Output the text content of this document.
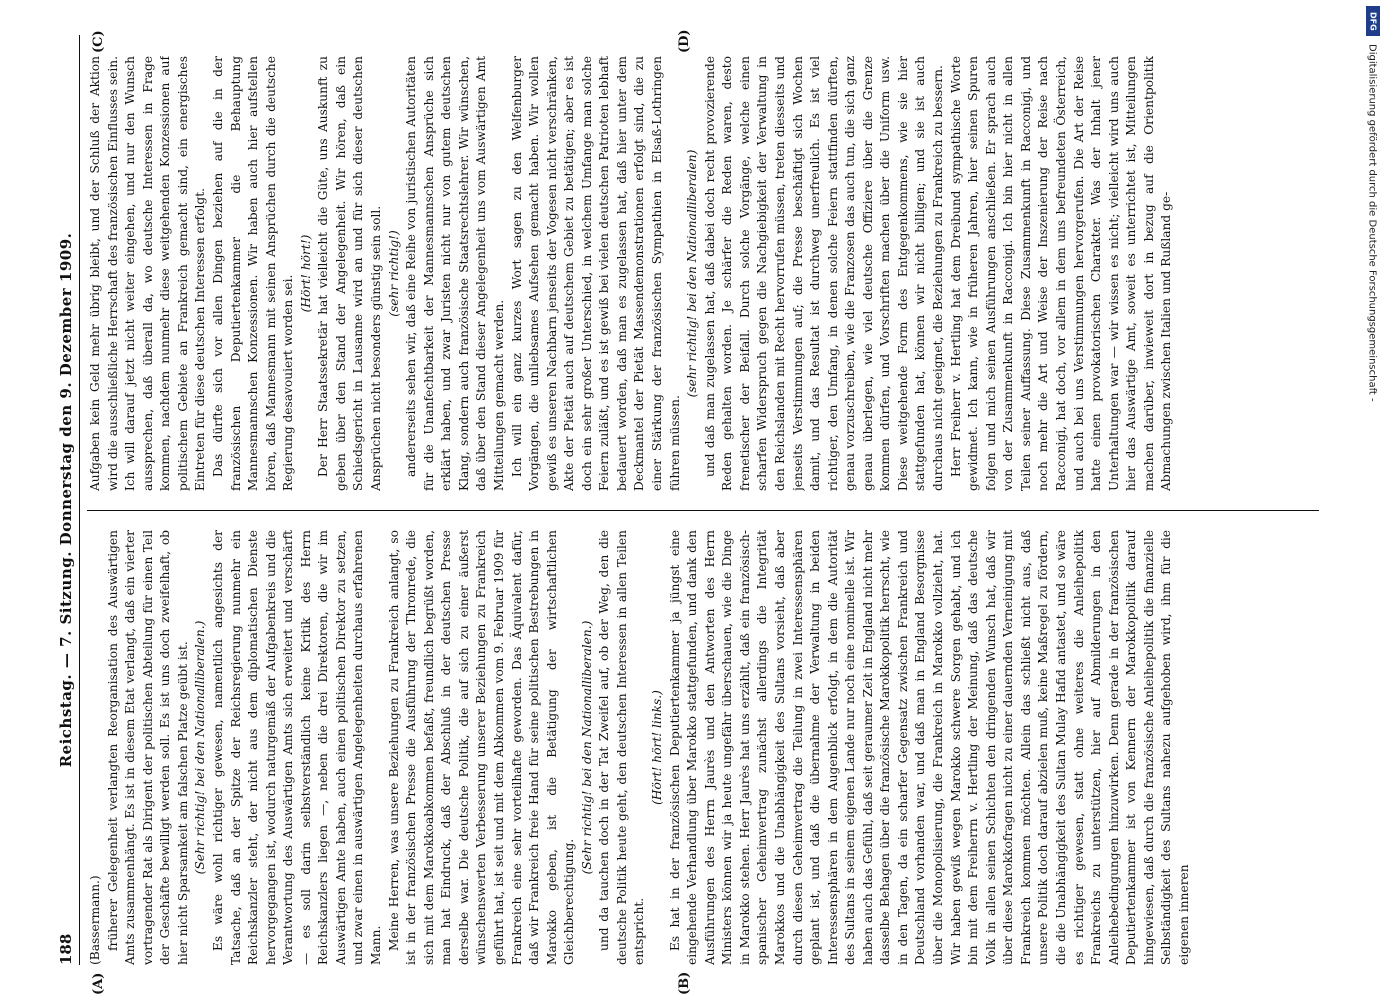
188
Reichstag. — 7. Sitzung. Donnerstag den 9. Dezember 1909.
(A)	(B)
(C)	(D)

(Bassermann.) früherer Gelegenheit verlangten Reorganisation des Auswärtigen Amts zusammenhängt. Es ist in diesem Etat verlangt, daß ein vierter vortragender Rat als Dirigent der politischen Abteilung für einen Teil der Geschäfte bewilligt werden soll. Es ist uns doch zweifelhaft, ob hier nicht Sparsamkeit am falschen Platze geübt ist. (Sehr richtig! bei den Nationalliberalen.) Es wäre wohl richtiger gewesen, namentlich angesichts der Tatsache, daß an der Spitze der Reichsregierung nunmehr ein Reichskanzler steht, der nicht aus dem diplomatischen Dienste hervorgegangen ist, wodurch naturgemäß der Aufgabenkreis und die Verantwortung des Auswärtigen Amts sich erweitert und verschärft — es soll darin selbstverständlich keine Kritik des Herrn Reichskanzlers liegen —, neben die drei Direktoren, die wir im Auswärtigen Amte haben, auch einen politischen Direktor zu setzen, und zwar einen in auswärtigen Angelegenheiten durchaus erfahrenen Mann. Meine Herren, was unsere Beziehungen zu Frankreich anlangt, so ist in der französischen Presse die Ausführung der Thronrede, die sich mit dem Marokkoabkommen befaßt, freundlich begrüßt worden, man hat Eindruck, daß der Abschluß in der deutschen Presse derselbe war. Die deutsche Politik, die auf sich zu einer äußerst wünschenswerten Verbesserung unserer Beziehungen zu Frankreich geführt hat, ist seit und mit dem Abkommen vom 9. Februar 1909 für Frankreich eine sehr vorteilhafte geworden. Das Äquivalent dafür, daß wir Frankreich freie Hand für seine politischen Bestrebungen in Marokko geben, ist die Betätigung der wirtschaftlichen Gleichberechtigung.

(Sehr richtig! bei den Nationalliberalen.) und da tauchen doch in der Tat Zweifel auf, ob der Weg, den die deutsche Politik heute geht, den deutschen Interessen in allen Teilen entspricht.

(Hört! hört! links.) Es hat in der französischen Deputiertenkammer ja jüngst eine eingehende Verhandlung über Marokko stattgefunden, und dank den Ausführungen des Herrn Jaurès und den Antworten des Herrn Ministers können wir ja heute ungefähr überschauen, wie die Dinge in Marokko stehen. Herr Jaurès hat uns erzählt, daß ein französisch-spanischer Geheimvertrag zunächst allerdings die Integrität Marokkos und die Unabhängigkeit des Sultans vorsieht, daß aber durch diesen Geheimvertrag die Teilung in zwei Interessensphären geplant ist, und daß die übernahme der Verwaltung in beiden Interessensphären in dem Augenblick erfolgt, in dem die Autorität des Sultans in seinem eigenen Lande nur noch eine nominelle ist. Wir haben auch das Gefühl, daß seit geraumer Zeit in England nicht mehr dasselbe Behagen über die französische Marokkopolitik herrscht, wie in den Tagen, da ein scharfer Gegensatz zwischen Frankreich und Deutschland vorhanden war, und daß man in England Besorgnisse über die Monopolisierung, die Frankreich in Marokko vollzieht, hat. Wir haben gewiß wegen Marokko schwere Sorgen gehabt, und ich bin mit dem Freiherrn v. Hertling der Meinung, daß das deutsche Volk in allen seinen Schichten den dringenden Wunsch hat, daß wir über diese Marokkofragen nicht zu einer dauernden Verneinigung mit Frankreich kommen möchten. Allein das schließt nicht aus, daß unsere Politik doch darauf abzielen muß, keine Maßregel zu fördern, die die Unabhängigkeit des Sultan Mulay Hafid antastet, und so wäre es richtiger gewesen, statt ohne weiteres die Anleihepolitik Frankreichs zu unterstützen, hier auf Abmilderungen in den Anleihebedingungen hinzuwirken. Denn gerade in der französischen Deputiertenkammer ist von Kennern der Marokkopolitik darauf hingewiesen, daß durch die französische Anleihepolitik die finanzielle Selbständigkeit des Sultans nahezu aufgehoben wird, ihm für die eigenen inneren

Aufgaben kein Geld mehr übrig bleibt, und der Schluß der Aktion wird die ausschließliche Herrschaft des französischen Einflusses sein. Ich will darauf jetzt nicht weiter eingehen, und nur den Wunsch aussprechen, daß überall da, wo deutsche Interessen in Frage kommen, nachdem nunmehr diese weitgehenden Konzessionen auf politischem Gebiete an Frankreich gemacht sind, ein energisches Eintreten für diese deutschen Interessen erfolgt. Das dürfte sich vor allen Dingen beziehen auf die in der französischen Deputiertenkammer die Behauptung Mannesmannschen Konzessionen. Wir haben auch hier aufstellen hören, daß Mannesmann mit seinen Ansprüchen durch die deutsche Regierung desavouiert worden sei.

(Hört! hört!) Der Herr Staatssekretär hat vielleicht die Güte, uns Auskunft zu geben über den Stand der Angelegenheit. Wir hören, daß ein Schiedsgericht in Lausanne wird an und für sich dieser deutschen Ansprüchen nicht besonders günstig sein soll. (sehr richtig!) andererseits sehen wir, daß eine Reihe von juristischen Autoritäten für die Unanfechtbarkeit der Mannesmannschen Ansprüche sich erklärt haben, und zwar Juristen nicht nur von gutem deutschen Klang, sondern auch französische Staatsrechtslehrer. Wir wünschen, daß über den Stand dieser Angelegenheit uns vom Auswärtigen Amt Mitteilungen gemacht werden. Ich will ein ganz kurzes Wort sagen zu den Welfenburger Vorgängen, die unliebsames Aufsehen gemacht haben. Wir wollen gewiß es unseren Nachbarn jenseits der Vogesen nicht verschränken, Akte der Pietät auch auf deutschem Gebiet zu betätigen; aber es ist doch ein sehr großer Unterschied, in welchem Umfange man solche Feiern zuläßt, und es ist gewiß bei vielen deutschen Patrioten lebhaft bedauert worden, daß man es zugelassen hat, daß hier unter dem Deckmantel der Pietät Massendemonstrationen erfolgt sind, die zu einer Stärkung der französischen Sympathien in Elsaß-Lothringen führen müssen.

(sehr richtig! bei den Nationalliberalen) und daß man zugelassen hat, daß dabei doch recht provozierende Reden gehalten worden. Je schärfer die Reden waren, desto frenetischer der Beifall. Durch solche Vorgänge, welche einen scharfen Widerspruch gegen die Nachgiebigkeit der Verwaltung in den Reichslanden mit Recht hervorrufen müssen, treten diesseits und jenseits Verstimmungen auf; die Presse beschäftigt sich Wochen damit, und das Resultat ist durchweg unerfreulich. Es ist viel richtiger, den Umfang, in denen solche Feiern stattfinden dürften, genau vorzuschreiben, wie die Franzosen das auch tun, die sich ganz genau überlegen, wie viel deutsche Offiziere über die Grenze kommen dürfen, und Vorschriften machen über die Uniform usw. Diese weitgehende Form des Entgegenkommens, wie sie hier stattgefunden hat, können wir nicht billigen; und sie ist auch durchaus nicht geeignet, die Beziehungen zu Frankreich zu bessern. Herr Freiherr v. Hertling hat dem Dreibund sympathische Worte gewidmet. Ich kann, wie in früheren Jahren, hier seinen Spuren folgen und mich seinen Ausführungen anschließen. Er sprach auch von der Zusammenkunft in Racconigi. Ich bin hier nicht in allen Teilen seiner Auffassung. Diese Zusammenkunft in Racconigi, und noch mehr die Art und Weise der Inszenierung der Reise nach Racconigi, hat doch, vor allem in dem uns befreundeten Österreich, und auch bei uns Verstimmungen hervorgerufen. Die Art der Reise hatte einen provokatorischen Charakter. Was der Inhalt jener Unterhaltungen war — wir wissen es nicht; vielleicht wird uns auch hier das Auswärtige Amt, soweit es unterrichtet ist, Mitteilungen machen darüber, inwieweit dort in bezug auf die Orientpolitik Abmachungen zwischen Italien und Rußland ge-

DFG
Digitalisierung gefördert durch die Deutsche Forschungsgemeinschaft -
